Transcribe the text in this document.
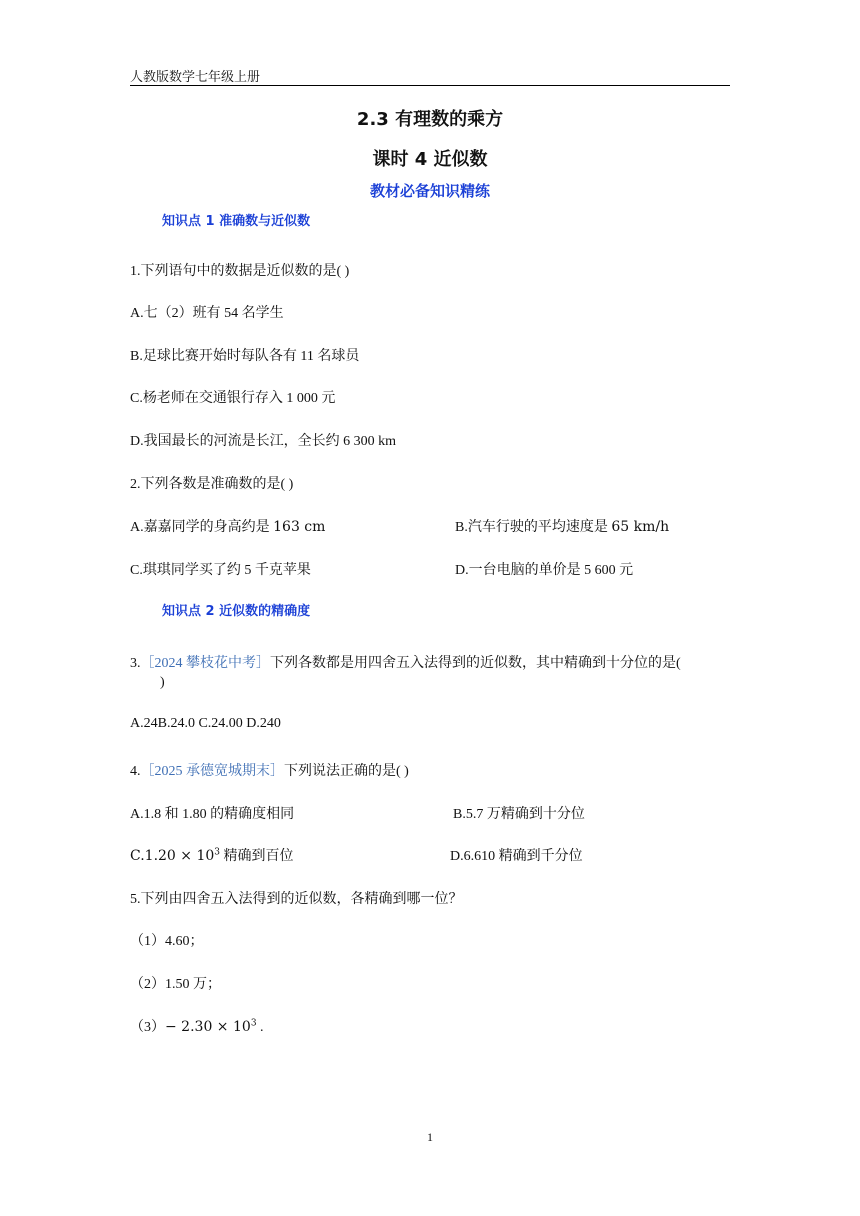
人教版数学七年级上册
2.3 有理数的乘方
课时 4 近似数
教材必备知识精练
知识点 1 准确数与近似数
1.下列语句中的数据是近似数的是( )
A.七（2）班有 54 名学生
B.足球比赛开始时每队各有 11 名球员
C.杨老师在交通银行存入 1 000 元
D.我国最长的河流是长江，全长约 6 300 km
2.下列各数是准确数的是( )
A.嘉嘉同学的身高约是 163 cm	B.汽车行驶的平均速度是 65 km/h
C.琪琪同学买了约 5 千克苹果	D.一台电脑的单价是 5 600 元
知识点 2 近似数的精确度
3.［2024 攀枝花中考］下列各数都是用四舍五入法得到的近似数，其中精确到十分位的是(
)
A.24B.24.0 C.24.00 D.240
4.［2025 承德宽城期末］下列说法正确的是( )
A.1.8 和 1.80 的精确度相同	B.5.7 万精确到十分位
$C.1.20 \times 10^3$ 精确到百位	D.6.610 精确到千分位
5.下列由四舍五入法得到的近似数，各精确到哪一位？
（1）4.60；
（2）1.50 万；
$(3)- 2.30 \times 10^3$ .
1
